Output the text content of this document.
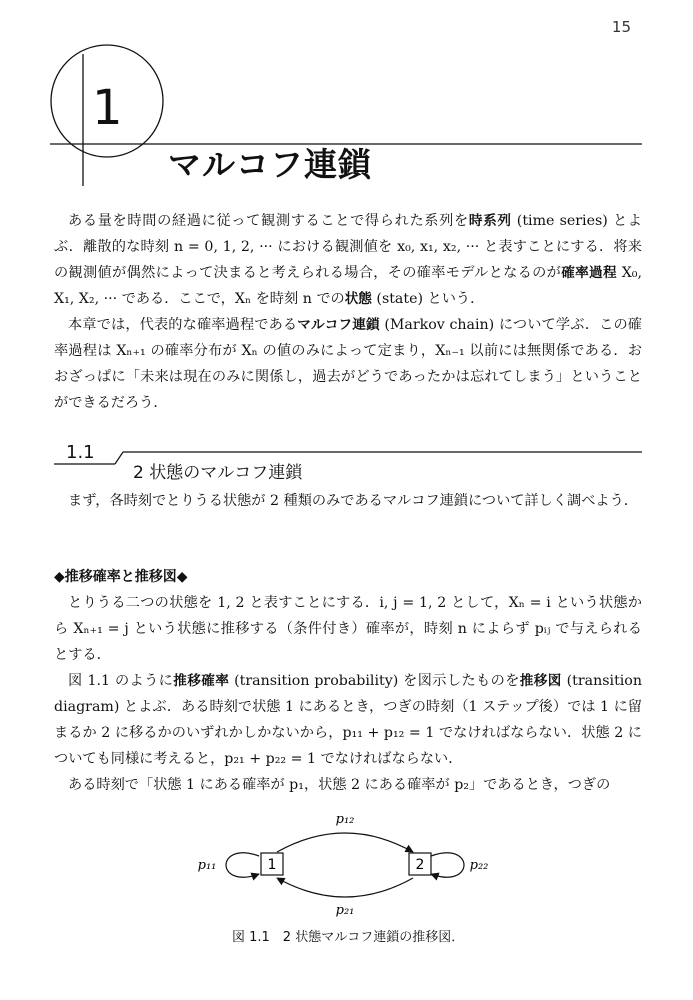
15
1
マルコフ連鎖

ある量を時間の経過に従って観測することで得られた系列を時系列 (time series) とよぶ．離散的な時刻 n = 0, 1, 2, ··· における観測値を x₀, x₁, x₂, ··· と表すことにする．将来の観測値が偶然によって決まると考えられる場合，その確率モデルとなるのが確率過程 X₀, X₁, X₂, ··· である．ここで，Xₙ を時刻 n での状態 (state) という．

本章では，代表的な確率過程であるマルコフ連鎖 (Markov chain) について学ぶ．この確率過程は Xₙ₊₁ の確率分布が Xₙ の値のみによって定まり，Xₙ₋₁ 以前には無関係である．おおざっぱに「未来は現在のみに関係し，過去がどうであったかは忘れてしまう」ということができるだろう．

1.1
2 状態のマルコフ連鎖

まず，各時刻でとりうる状態が 2 種類のみであるマルコフ連鎖について詳しく調べよう．

◆推移確率と推移図◆

とりうる二つの状態を 1, 2 と表すことにする．i, j = 1, 2 として，Xₙ = i という状態から Xₙ₊₁ = j という状態に推移する（条件付き）確率が，時刻 n によらず pᵢⱼ で与えられるとする．

図 1.1 のように推移確率 (transition probability) を図示したものを推移図 (transition diagram) とよぶ．ある時刻で状態 1 にあるとき，つぎの時刻（1 ステップ後）では 1 に留まるか 2 に移るかのいずれかしかないから，p₁₁ + p₁₂ = 1 でなければならない．状態 2 についても同様に考えると，p₂₁ + p₂₂ = 1 でなければならない．

ある時刻で「状態 1 にある確率が p₁，状態 2 にある確率が p₂」であるとき，つぎの

1	2
p₁₂
p₂₁
p₁₁	p₂₂
図 1.1　2 状態マルコフ連鎖の推移図．
